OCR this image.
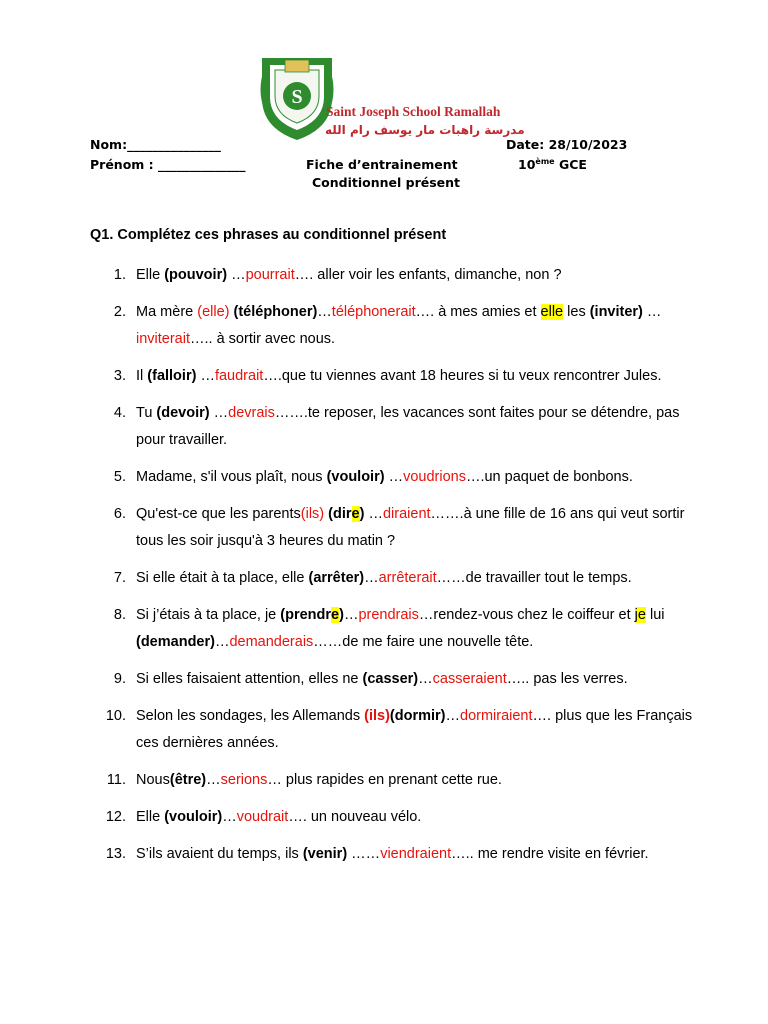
S
Saint Joseph School Ramallah
مدرسة راهبات مار يوسف رام الله
Nom:_______________
Prénom : ______________	Fiche d’entrainement
Conditionnel présent
Date: 28/10/2023
10ème GCE
Q1. Complétez ces phrases au conditionnel présent
1. Elle (pouvoir) …pourrait…. aller voir les enfants, dimanche, non ?
2. Ma mère (elle) (téléphoner)…téléphonerait…. à mes amies et elle les (inviter) …inviterait….. à sortir avec nous.
3. Il (falloir) …faudrait….que tu viennes avant 18 heures si tu veux rencontrer Jules.
4. Tu (devoir) …devrais…….te reposer, les vacances sont faites pour se détendre, pas pour travailler.
5. Madame, s'il vous plaît, nous (vouloir) …voudrions….un paquet de bonbons.
6. Qu'est-ce que les parents(ils) (dire) …diraient…….à une fille de 16 ans qui veut sortir tous les soir jusqu'à 3 heures du matin ?
7. Si elle était à ta place, elle (arrêter)…arrêterait……de travailler tout le temps.
8. Si j’étais à ta place, je (prendre)…prendrais…rendez-vous chez le coiffeur et je lui (demander)…demanderais……de me faire une nouvelle tête.
9. Si elles faisaient attention, elles ne (casser)…casseraient….. pas les verres.
10. Selon les sondages, les Allemands (ils)(dormir)…dormiraient…. plus que les Français ces dernières années.
11. Nous(être)…serions… plus rapides en prenant cette rue.
12. Elle (vouloir)…voudrait…. un nouveau vélo.
13. S’ils avaient du temps, ils (venir) ……viendraient….. me rendre visite en février.
